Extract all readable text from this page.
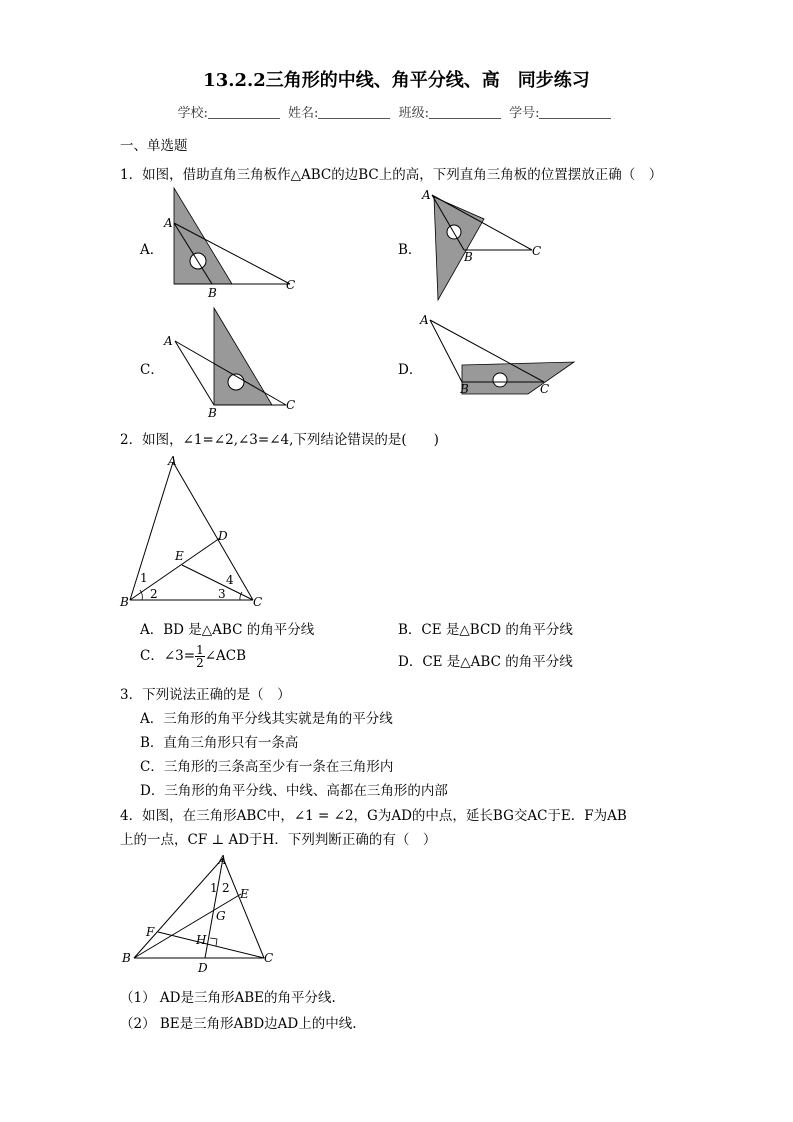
13.2.2三角形的中线、角平分线、高　同步练习
学校:	姓名:	班级:	学号:
一、单选题
1．如图，借助直角三角板作△ABC的边BC上的高，下列直角三角板的位置摆放正确（　）
A．
A
B
C
B．
A
B	C
C．
A
B
C
D．
A
B	C
2．如图，∠1=∠2,∠3=∠4,下列结论错误的是(　　)
A
D
E
B	C
1
2	3
4
A．BD 是△ABC 的角平分线	B．CE 是△BCD 的角平分线
C．∠3= $\frac{1}{2}$ ∠ACB	D．CE 是△ABC 的角平分线
3．下列说法正确的是（　）
A．三角形的角平分线其实就是角的平分线
B．直角三角形只有一条高
C．三角形的三条高至少有一条在三角形内
D．三角形的角平分线、中线、高都在三角形的内部
4．如图，在三角形ABC中，∠1 = ∠2，G为AD的中点，延长BG交AC于E．F为AB
上的一点，CF ⊥ AD于H．下列判断正确的有（　）
A
E
G
F
H
B
D
C
1 2
（1） AD是三角形ABE的角平分线.
（2） BE是三角形ABD边AD上的中线.
